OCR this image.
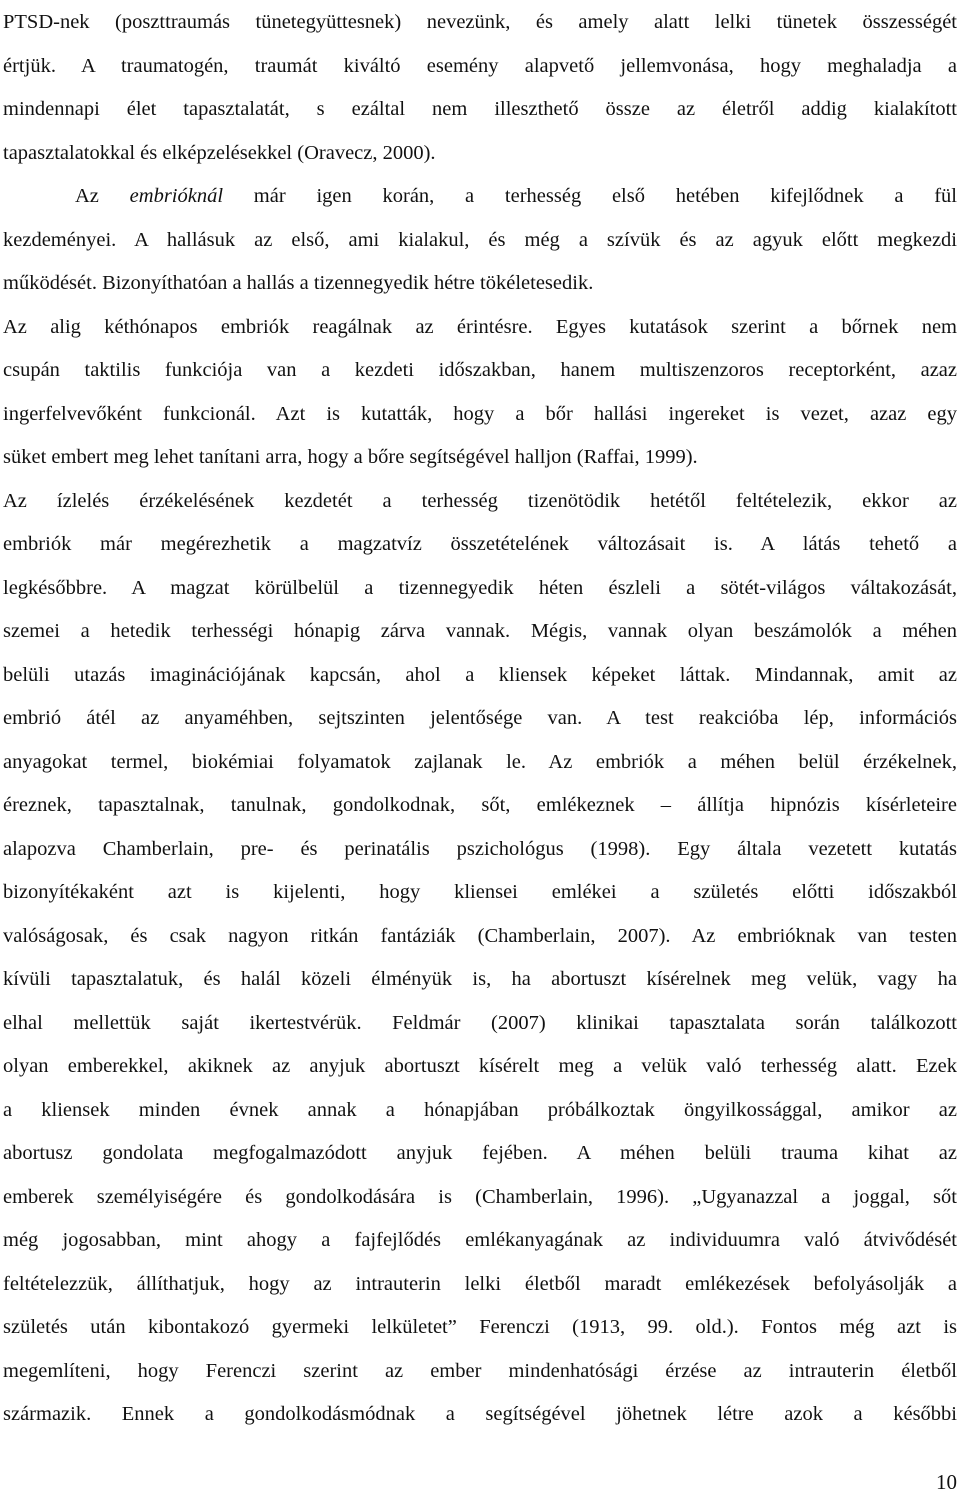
PTSD-nek (poszttraumás tünetegyüttesnek) nevezünk, és amely alatt lelki tünetek összességét
értjük. A traumatogén, traumát kiváltó esemény alapvető jellemvonása, hogy meghaladja a
mindennapi élet tapasztalatát, s ezáltal nem illeszthető össze az életről addig kialakított
tapasztalatokkal és elképzelésekkel (Oravecz, 2000).
Az embrióknál már igen korán, a terhesség első hetében kifejlődnek a fül
kezdeményei. A hallásuk az első, ami kialakul, és még a szívük és az agyuk előtt megkezdi
működését. Bizonyíthatóan a hallás a tizennegyedik hétre tökéletesedik.
Az alig kéthónapos embriók reagálnak az érintésre. Egyes kutatások szerint a bőrnek nem
csupán taktilis funkciója van a kezdeti időszakban, hanem multiszenzoros receptorként, azaz
ingerfelvevőként funkcionál. Azt is kutatták, hogy a bőr hallási ingereket is vezet, azaz egy
süket embert meg lehet tanítani arra, hogy a bőre segítségével halljon (Raffai, 1999).
Az ízlelés érzékelésének kezdetét a terhesség tizenötödik hetétől feltételezik, ekkor az
embriók már megérezhetik a magzatvíz összetételének változásait is. A látás tehető a
legkésőbbre. A magzat körülbelül a tizennegyedik héten észleli a sötét-világos váltakozását,
szemei a hetedik terhességi hónapig zárva vannak. Mégis, vannak olyan beszámolók a méhen
belüli utazás imaginációjának kapcsán, ahol a kliensek képeket láttak. Mindannak, amit az
embrió átél az anyaméhben, sejtszinten jelentősége van. A test reakcióba lép, információs
anyagokat termel, biokémiai folyamatok zajlanak le. Az embriók a méhen belül érzékelnek,
éreznek, tapasztalnak, tanulnak, gondolkodnak, sőt, emlékeznek – állítja hipnózis kísérleteire
alapozva Chamberlain, pre- és perinatális pszichológus (1998). Egy általa vezetett kutatás
bizonyítékaként azt is kijelenti, hogy kliensei emlékei a születés előtti időszakból
valóságosak, és csak nagyon ritkán fantáziák (Chamberlain, 2007). Az embrióknak van testen
kívüli tapasztalatuk, és halál közeli élményük is, ha abortuszt kísérelnek meg velük, vagy ha
elhal mellettük saját ikertestvérük. Feldmár (2007) klinikai tapasztalata során találkozott
olyan emberekkel, akiknek az anyjuk abortuszt kísérelt meg a velük való terhesség alatt. Ezek
a kliensek minden évnek annak a hónapjában próbálkoztak öngyilkossággal, amikor az
abortusz gondolata megfogalmazódott anyjuk fejében. A méhen belüli trauma kihat az
emberek személyiségére és gondolkodására is (Chamberlain, 1996). „Ugyanazzal a joggal, sőt
még jogosabban, mint ahogy a fajfejlődés emlékanyagának az individuumra való átvivődését
feltételezzük, állíthatjuk, hogy az intrauterin lelki életből maradt emlékezések befolyásolják a
születés után kibontakozó gyermeki lelkületet” Ferenczi (1913, 99. old.). Fontos még azt is
megemlíteni, hogy Ferenczi szerint az ember mindenhatósági érzése az intrauterin életből
származik. Ennek a gondolkodásmódnak a segítségével jöhetnek létre azok a későbbi
10
